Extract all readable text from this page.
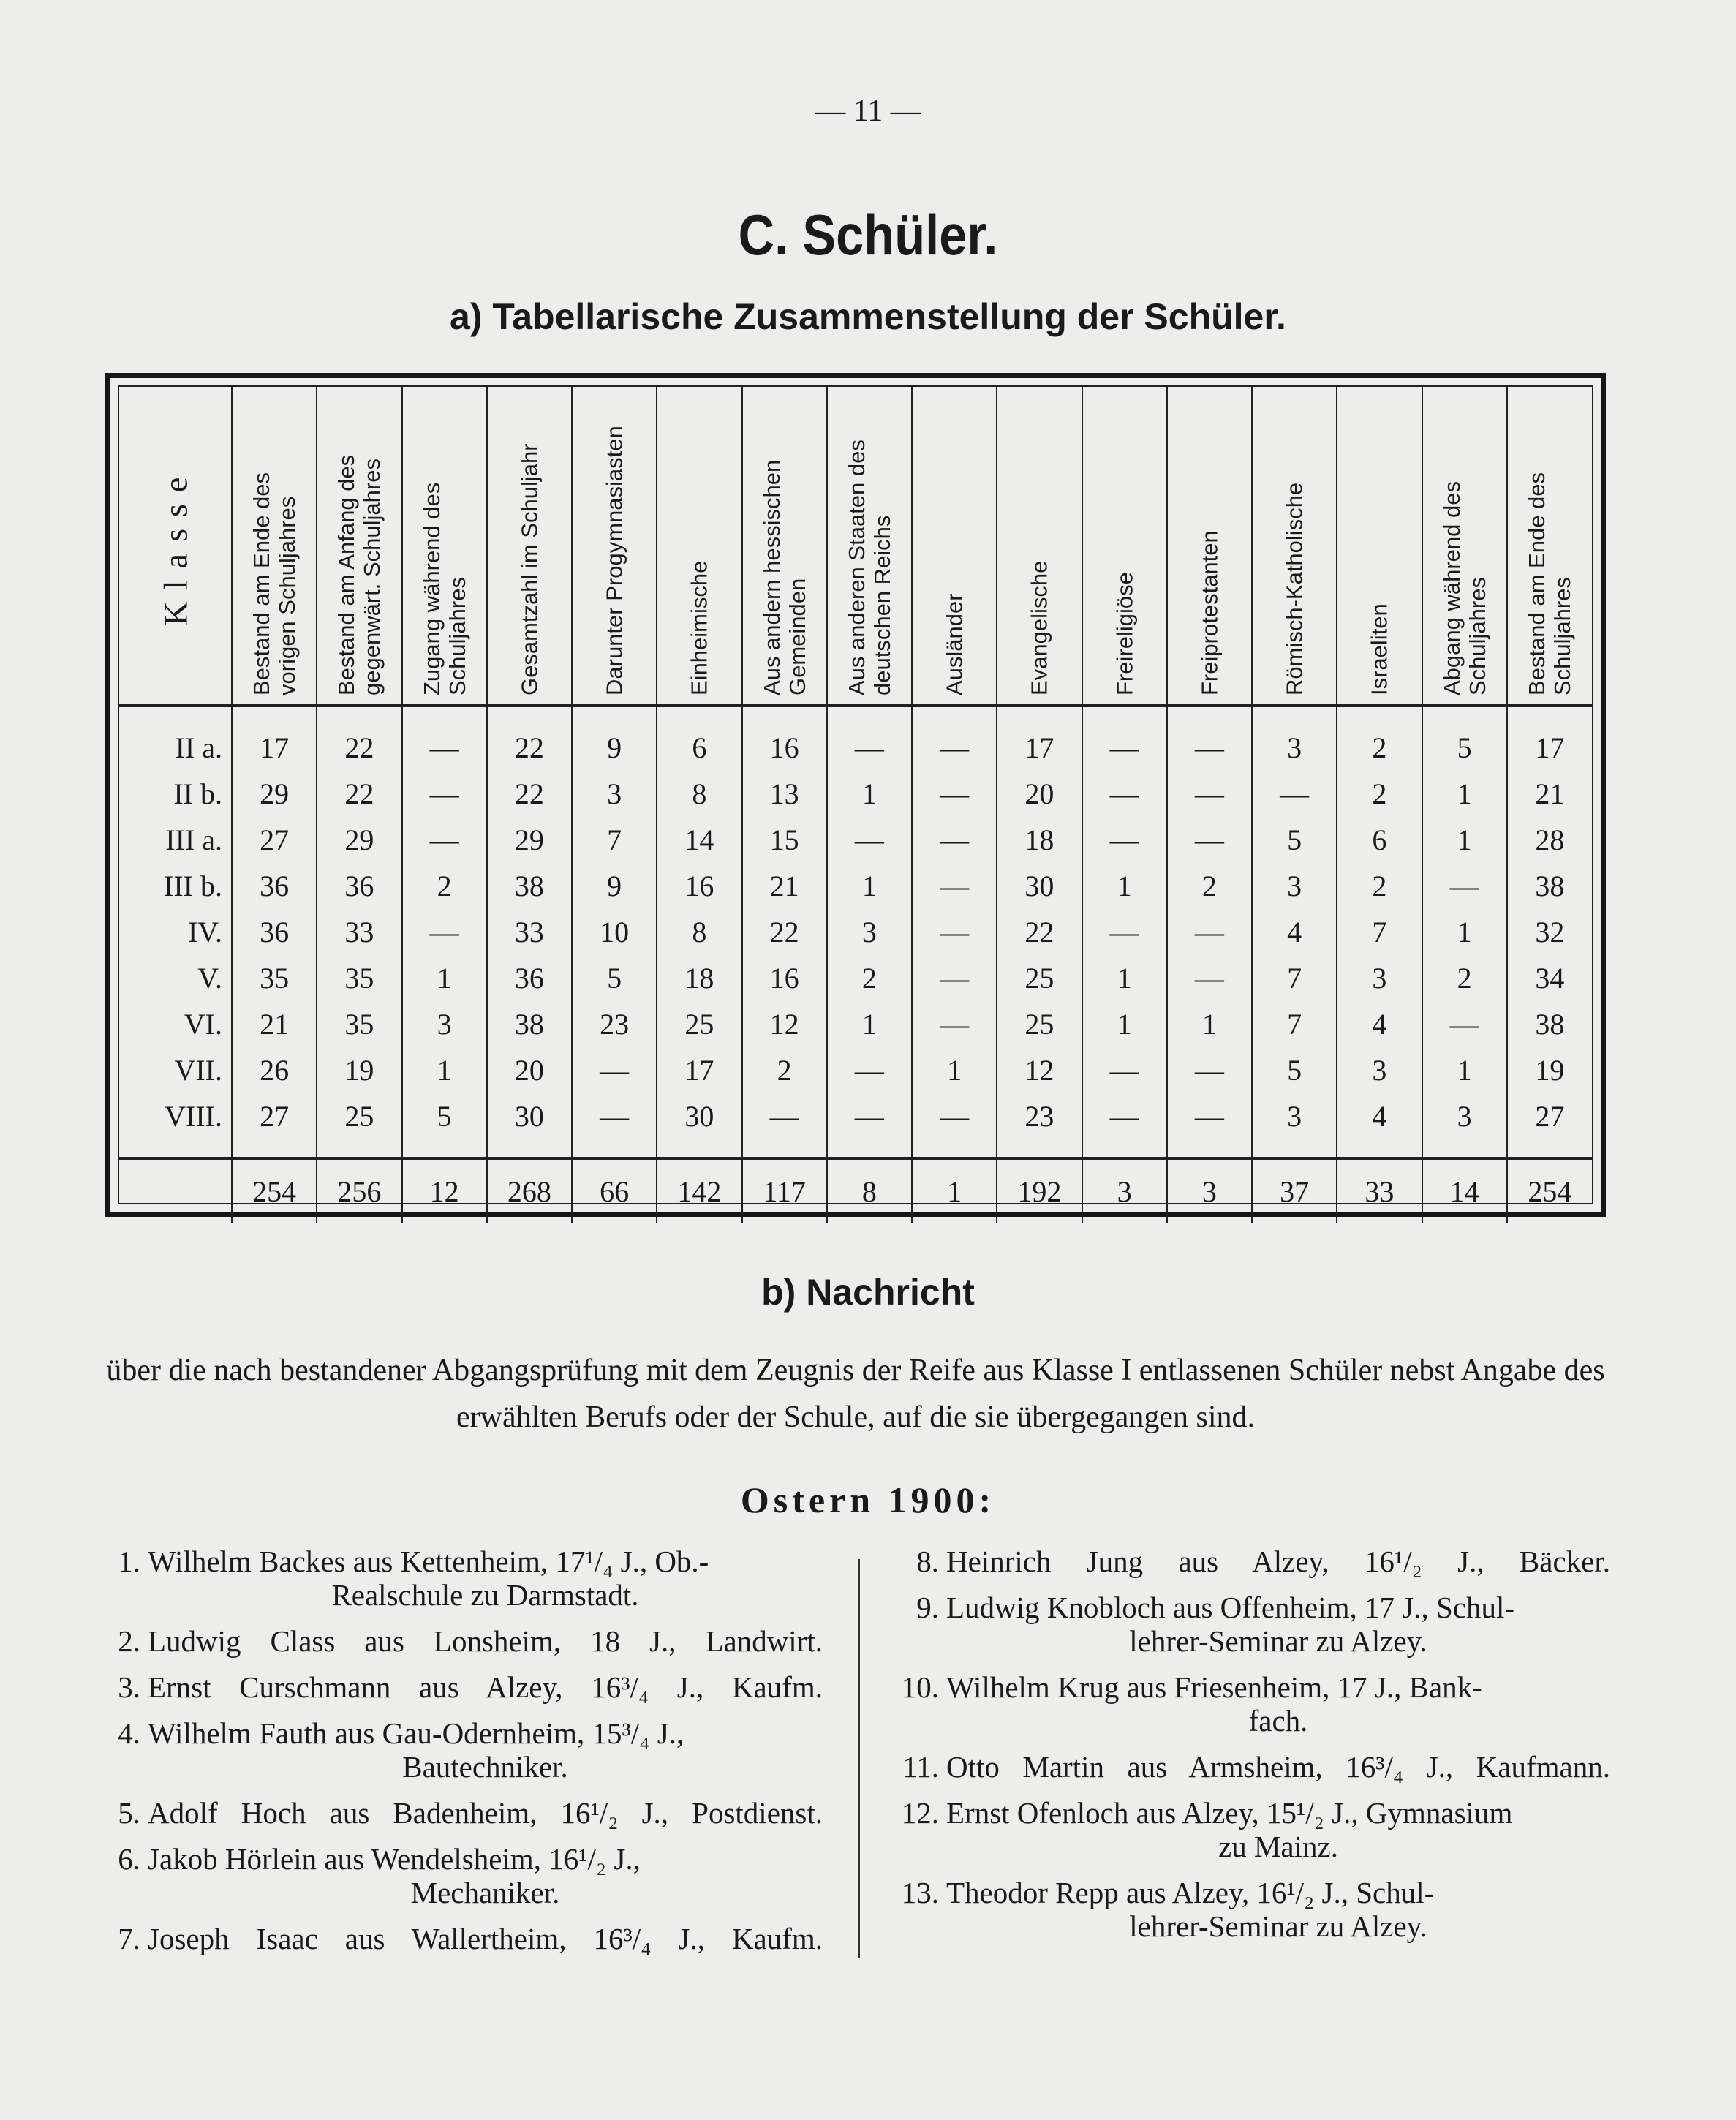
— 11 —
C. Schüler.
a) Tabellarische Zusammenstellung der Schüler.
Klasse	Bestand am Ende des vorigen Schuljahres	Bestand am Anfang des gegenwärt. Schuljahres	Zugang während des Schuljahres	Gesamtzahl im Schuljahr	Darunter Progymnasiasten	Einheimische	Aus andern hessischen Gemeinden	Aus anderen Staaten des deutschen Reichs	Ausländer	Evangelische	Freireligiöse	Freiprotestanten	Römisch-Katholische	Israeliten	Abgang während des Schuljahres	Bestand am Ende des Schuljahres

II a.	17	22	—	22	9	6	16	—	—	17	—	—	3	2	5	17
II b.	29	22	—	22	3	8	13	1	—	20	—	—	—	2	1	21
III a.	27	29	—	29	7	14	15	—	—	18	—	—	5	6	1	28
III b.	36	36	2	38	9	16	21	1	—	30	1	2	3	2	—	38
IV.	36	33	—	33	10	8	22	3	—	22	—	—	4	7	1	32
V.	35	35	1	36	5	18	16	2	—	25	1	—	7	3	2	34
VI.	21	35	3	38	23	25	12	1	—	25	1	1	7	4	—	38
VII.	26	19	1	20	—	17	2	—	1	12	—	—	5	3	1	19
VIII.	27	25	5	30	—	30	—	—	—	23	—	—	3	4	3	27

	254	256	12	268	66	142	117	8	1	192	3	3	37	33	14	254
b) Nachricht
über die nach bestandener Abgangsprüfung mit dem Zeugnis der Reife aus Klasse I entlassenen Schüler nebst Angabe des erwählten Berufs oder der Schule, auf die sie übergegangen sind.
Ostern 1900:
1. Wilhelm Backes aus Kettenheim, 17¹/₄ J., Ob.-
Realschule zu Darmstadt.
2. Ludwig Class aus Lonsheim, 18 J., Landwirt.
3. Ernst Curschmann aus Alzey, 16³/₄ J., Kaufm.
4. Wilhelm Fauth aus Gau-Odernheim, 15³/₄ J.,
Bautechniker.
5. Adolf Hoch aus Badenheim, 16¹/₂ J., Postdienst.
6. Jakob Hörlein aus Wendelsheim, 16¹/₂ J.,
Mechaniker.
7. Joseph Isaac aus Wallertheim, 16³/₄ J., Kaufm.
8. Heinrich Jung aus Alzey, 16¹/₂ J., Bäcker.
9. Ludwig Knobloch aus Offenheim, 17 J., Schul-
lehrer-Seminar zu Alzey.
10. Wilhelm Krug aus Friesenheim, 17 J., Bank-
fach.
11. Otto Martin aus Armsheim, 16³/₄ J., Kaufmann.
12. Ernst Ofenloch aus Alzey, 15¹/₂ J., Gymnasium
zu Mainz.
13. Theodor Repp aus Alzey, 16¹/₂ J., Schul-
lehrer-Seminar zu Alzey.
